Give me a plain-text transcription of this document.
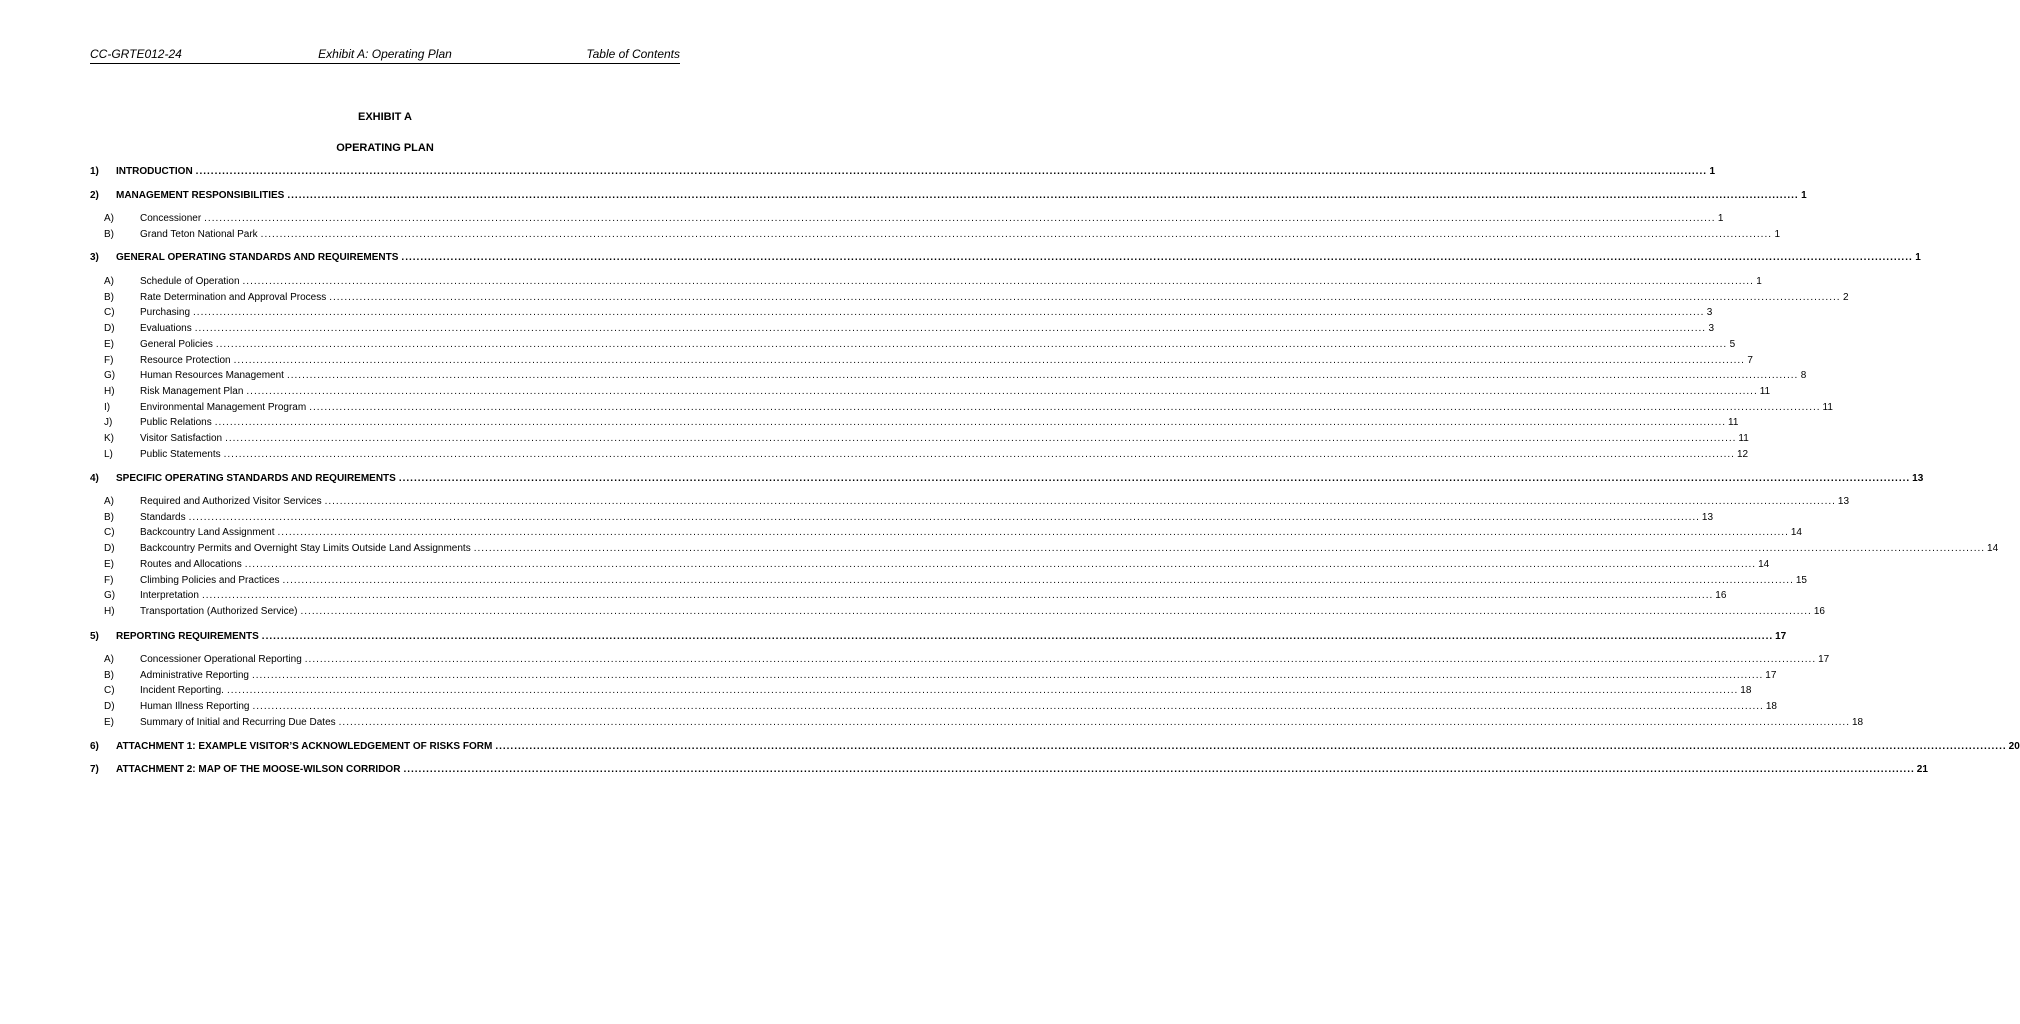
CC-GRTE012-24	Exhibit A: Operating Plan	Table of Contents
EXHIBIT A
OPERATING PLAN
1)	INTRODUCTION ................................................................................................................................................................................................................................................................................................................................................................................................................ 1
2)	MANAGEMENT RESPONSIBILITIES ................................................................................................................................................................................................................................................................................................................................................................................................................ 1
A)	Concessioner ................................................................................................................................................................................................................................................................................................................................................................................................................ 1
B)	Grand Teton National Park ................................................................................................................................................................................................................................................................................................................................................................................................................ 1
3)	GENERAL OPERATING STANDARDS AND REQUIREMENTS ................................................................................................................................................................................................................................................................................................................................................................................................................ 1
A)	Schedule of Operation ................................................................................................................................................................................................................................................................................................................................................................................................................ 1
B)	Rate Determination and Approval Process ................................................................................................................................................................................................................................................................................................................................................................................................................ 2
C)	Purchasing ................................................................................................................................................................................................................................................................................................................................................................................................................ 3
D)	Evaluations ................................................................................................................................................................................................................................................................................................................................................................................................................ 3
E)	General Policies ................................................................................................................................................................................................................................................................................................................................................................................................................ 5
F)	Resource Protection ................................................................................................................................................................................................................................................................................................................................................................................................................ 7
G)	Human Resources Management ................................................................................................................................................................................................................................................................................................................................................................................................................ 8
H)	Risk Management Plan ................................................................................................................................................................................................................................................................................................................................................................................................................ 11
I)	Environmental Management Program ................................................................................................................................................................................................................................................................................................................................................................................................................ 11
J)	Public Relations ................................................................................................................................................................................................................................................................................................................................................................................................................ 11
K)	Visitor Satisfaction ................................................................................................................................................................................................................................................................................................................................................................................................................ 11
L)	Public Statements ................................................................................................................................................................................................................................................................................................................................................................................................................ 12
4)	SPECIFIC OPERATING STANDARDS AND REQUIREMENTS ................................................................................................................................................................................................................................................................................................................................................................................................................ 13
A)	Required and Authorized Visitor Services ................................................................................................................................................................................................................................................................................................................................................................................................................ 13
B)	Standards ................................................................................................................................................................................................................................................................................................................................................................................................................ 13
C)	Backcountry Land Assignment ................................................................................................................................................................................................................................................................................................................................................................................................................ 14
D)	Backcountry Permits and Overnight Stay Limits Outside Land Assignments ................................................................................................................................................................................................................................................................................................................................................................................................................ 14
E)	Routes and Allocations ................................................................................................................................................................................................................................................................................................................................................................................................................ 14
F)	Climbing Policies and Practices ................................................................................................................................................................................................................................................................................................................................................................................................................ 15
G)	Interpretation ................................................................................................................................................................................................................................................................................................................................................................................................................ 16
H)	Transportation (Authorized Service) ................................................................................................................................................................................................................................................................................................................................................................................................................ 16
5)	REPORTING REQUIREMENTS ................................................................................................................................................................................................................................................................................................................................................................................................................ 17
A)	Concessioner Operational Reporting ................................................................................................................................................................................................................................................................................................................................................................................................................ 17
B)	Administrative Reporting ................................................................................................................................................................................................................................................................................................................................................................................................................ 17
C)	Incident Reporting. ................................................................................................................................................................................................................................................................................................................................................................................................................ 18
D)	Human Illness Reporting ................................................................................................................................................................................................................................................................................................................................................................................................................ 18
E)	Summary of Initial and Recurring Due Dates ................................................................................................................................................................................................................................................................................................................................................................................................................ 18
6)	ATTACHMENT 1: EXAMPLE VISITOR’S ACKNOWLEDGEMENT OF RISKS FORM ................................................................................................................................................................................................................................................................................................................................................................................................................ 20
7)	ATTACHMENT 2: MAP OF THE MOOSE-WILSON CORRIDOR ................................................................................................................................................................................................................................................................................................................................................................................................................ 21
